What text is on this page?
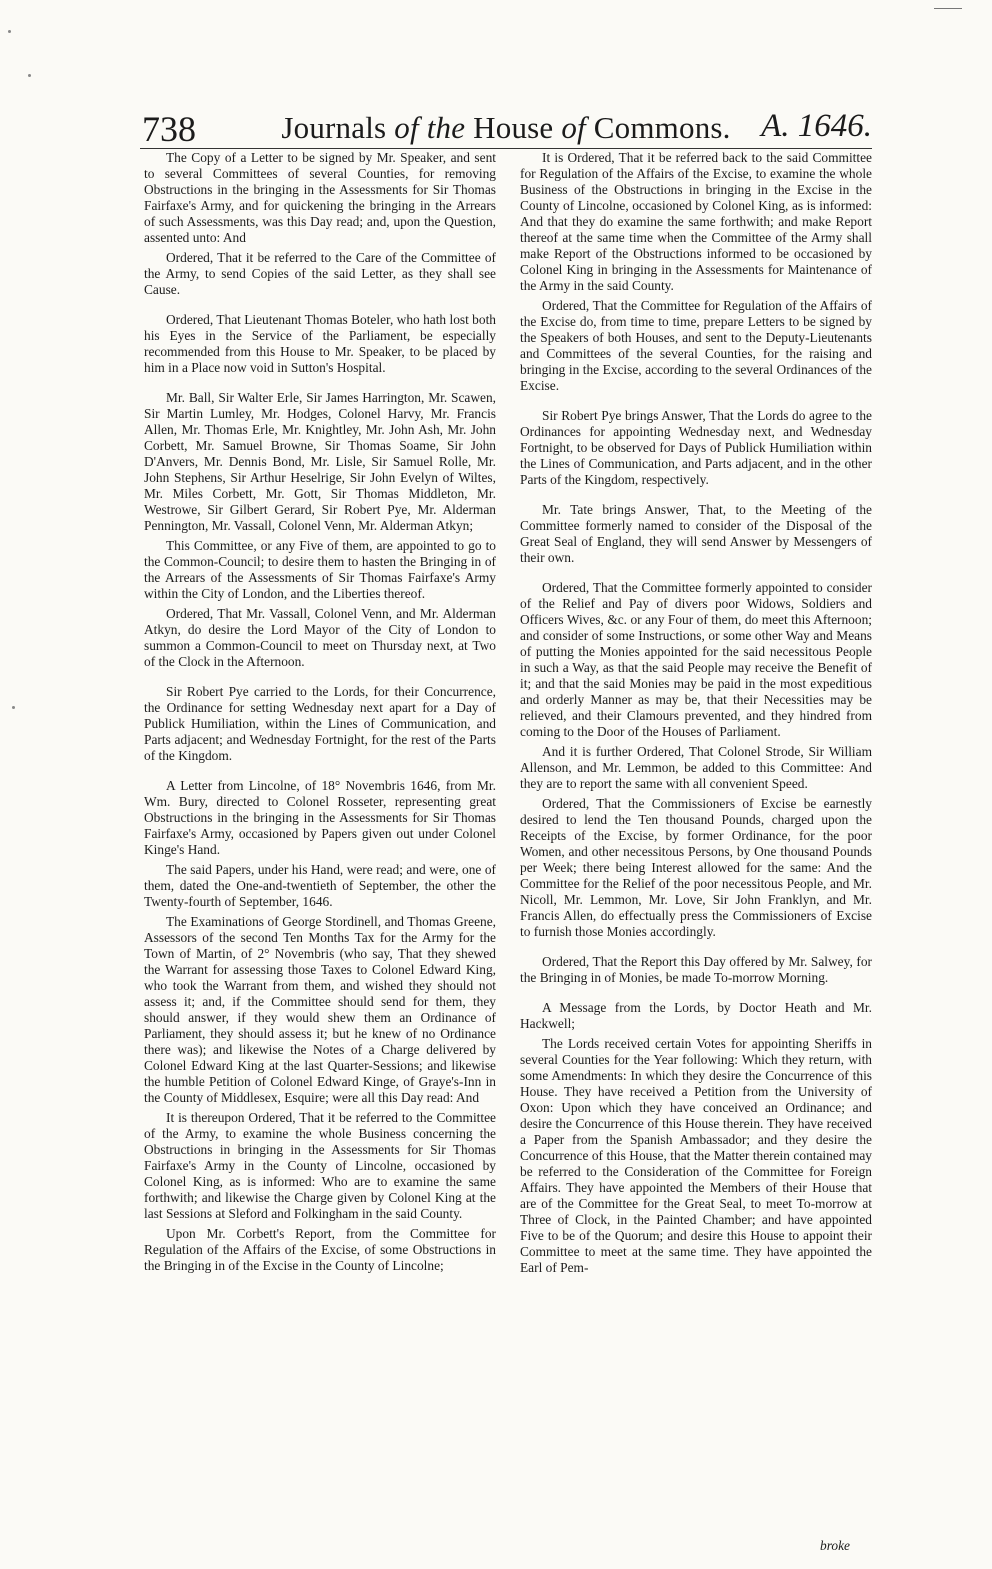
738	Journals of the House of Commons. A. 1646.

The Copy of a Letter to be signed by Mr. Speaker, and sent to several Committees of several Counties, for removing Obstructions in the bringing in the Assessments for Sir Thomas Fairfaxe's Army, and for quickening the bringing in the Arrears of such Assessments, was this Day read; and, upon the Question, assented unto: And

Ordered, That it be referred to the Care of the Committee of the Army, to send Copies of the said Letter, as they shall see Cause.

Ordered, That Lieutenant Thomas Boteler, who hath lost both his Eyes in the Service of the Parliament, be especially recommended from this House to Mr. Speaker, to be placed by him in a Place now void in Sutton's Hospital.

Mr. Ball, Sir Walter Erle, Sir James Harrington, Mr. Scawen, Sir Martin Lumley, Mr. Hodges, Colonel Harvy, Mr. Francis Allen, Mr. Thomas Erle, Mr. Knightley, Mr. John Ash, Mr. John Corbett, Mr. Samuel Browne, Sir Thomas Soame, Sir John D'Anvers, Mr. Dennis Bond, Mr. Lisle, Sir Samuel Rolle, Mr. John Stephens, Sir Arthur Heselrige, Sir John Evelyn of Wiltes, Mr. Miles Corbett, Mr. Gott, Sir Thomas Middleton, Mr. Westrowe, Sir Gilbert Gerard, Sir Robert Pye, Mr. Alderman Pennington, Mr. Vassall, Colonel Venn, Mr. Alderman Atkyn;

This Committee, or any Five of them, are appointed to go to the Common-Council; to desire them to hasten the Bringing in of the Arrears of the Assessments of Sir Thomas Fairfaxe's Army within the City of London, and the Liberties thereof.

Ordered, That Mr. Vassall, Colonel Venn, and Mr. Alderman Atkyn, do desire the Lord Mayor of the City of London to summon a Common-Council to meet on Thursday next, at Two of the Clock in the Afternoon.

Sir Robert Pye carried to the Lords, for their Concurrence, the Ordinance for setting Wednesday next apart for a Day of Publick Humiliation, within the Lines of Communication, and Parts adjacent; and Wednesday Fortnight, for the rest of the Parts of the Kingdom.

A Letter from Lincolne, of 18° Novembris 1646, from Mr. Wm. Bury, directed to Colonel Rosseter, representing great Obstructions in the bringing in the Assessments for Sir Thomas Fairfaxe's Army, occasioned by Papers given out under Colonel Kinge's Hand.

The said Papers, under his Hand, were read; and were, one of them, dated the One-and-twentieth of September, the other the Twenty-fourth of September, 1646.

The Examinations of George Stordinell, and Thomas Greene, Assessors of the second Ten Months Tax for the Army for the Town of Martin, of 2° Novembris (who say, That they shewed the Warrant for assessing those Taxes to Colonel Edward King, who took the Warrant from them, and wished they should not assess it; and, if the Committee should send for them, they should answer, if they would shew them an Ordinance of Parliament, they should assess it; but he knew of no Ordinance there was); and likewise the Notes of a Charge delivered by Colonel Edward King at the last Quarter-Sessions; and likewise the humble Petition of Colonel Edward Kinge, of Graye's-Inn in the County of Middlesex, Esquire; were all this Day read: And

It is thereupon Ordered, That it be referred to the Committee of the Army, to examine the whole Business concerning the Obstructions in bringing in the Assessments for Sir Thomas Fairfaxe's Army in the County of Lincolne, occasioned by Colonel King, as is informed: Who are to examine the same forthwith; and likewise the Charge given by Colonel King at the last Sessions at Sleford and Folkingham in the said County.

Upon Mr. Corbett's Report, from the Committee for Regulation of the Affairs of the Excise, of some Obstructions in the Bringing in of the Excise in the County of Lincolne;

It is Ordered, That it be referred back to the said Committee for Regulation of the Affairs of the Excise, to examine the whole Business of the Obstructions in bringing in the Excise in the County of Lincolne, occasioned by Colonel King, as is informed: And that they do examine the same forthwith; and make Report thereof at the same time when the Committee of the Army shall make Report of the Obstructions informed to be occasioned by Colonel King in bringing in the Assessments for Maintenance of the Army in the said County.

Ordered, That the Committee for Regulation of the Affairs of the Excise do, from time to time, prepare Letters to be signed by the Speakers of both Houses, and sent to the Deputy-Lieutenants and Committees of the several Counties, for the raising and bringing in the Excise, according to the several Ordinances of the Excise.

Sir Robert Pye brings Answer, That the Lords do agree to the Ordinances for appointing Wednesday next, and Wednesday Fortnight, to be observed for Days of Publick Humiliation within the Lines of Communication, and Parts adjacent, and in the other Parts of the Kingdom, respectively.

Mr. Tate brings Answer, That, to the Meeting of the Committee formerly named to consider of the Disposal of the Great Seal of England, they will send Answer by Messengers of their own.

Ordered, That the Committee formerly appointed to consider of the Relief and Pay of divers poor Widows, Soldiers and Officers Wives, &c. or any Four of them, do meet this Afternoon; and consider of some Instructions, or some other Way and Means of putting the Monies appointed for the said necessitous People in such a Way, as that the said People may receive the Benefit of it; and that the said Monies may be paid in the most expeditious and orderly Manner as may be, that their Necessities may be relieved, and their Clamours prevented, and they hindred from coming to the Door of the Houses of Parliament.

And it is further Ordered, That Colonel Strode, Sir William Allenson, and Mr. Lemmon, be added to this Committee: And they are to report the same with all convenient Speed.

Ordered, That the Commissioners of Excise be earnestly desired to lend the Ten thousand Pounds, charged upon the Receipts of the Excise, by former Ordinance, for the poor Women, and other necessitous Persons, by One thousand Pounds per Week; there being Interest allowed for the same: And the Committee for the Relief of the poor necessitous People, and Mr. Nicoll, Mr. Lemmon, Mr. Love, Sir John Franklyn, and Mr. Francis Allen, do effectually press the Commissioners of Excise to furnish those Monies accordingly.

Ordered, That the Report this Day offered by Mr. Salwey, for the Bringing in of Monies, be made To-morrow Morning.

A Message from the Lords, by Doctor Heath and Mr. Hackwell;

The Lords received certain Votes for appointing Sheriffs in several Counties for the Year following: Which they return, with some Amendments: In which they desire the Concurrence of this House. They have received a Petition from the University of Oxon: Upon which they have conceived an Ordinance; and desire the Concurrence of this House therein. They have received a Paper from the Spanish Ambassador; and they desire the Concurrence of this House, that the Matter therein contained may be referred to the Consideration of the Committee for Foreign Affairs. They have appointed the Members of their House that are of the Committee for the Great Seal, to meet To-morrow at Three of Clock, in the Painted Chamber; and have appointed Five to be of the Quorum; and desire this House to appoint their Committee to meet at the same time. They have appointed the Earl of Pem-

broke
